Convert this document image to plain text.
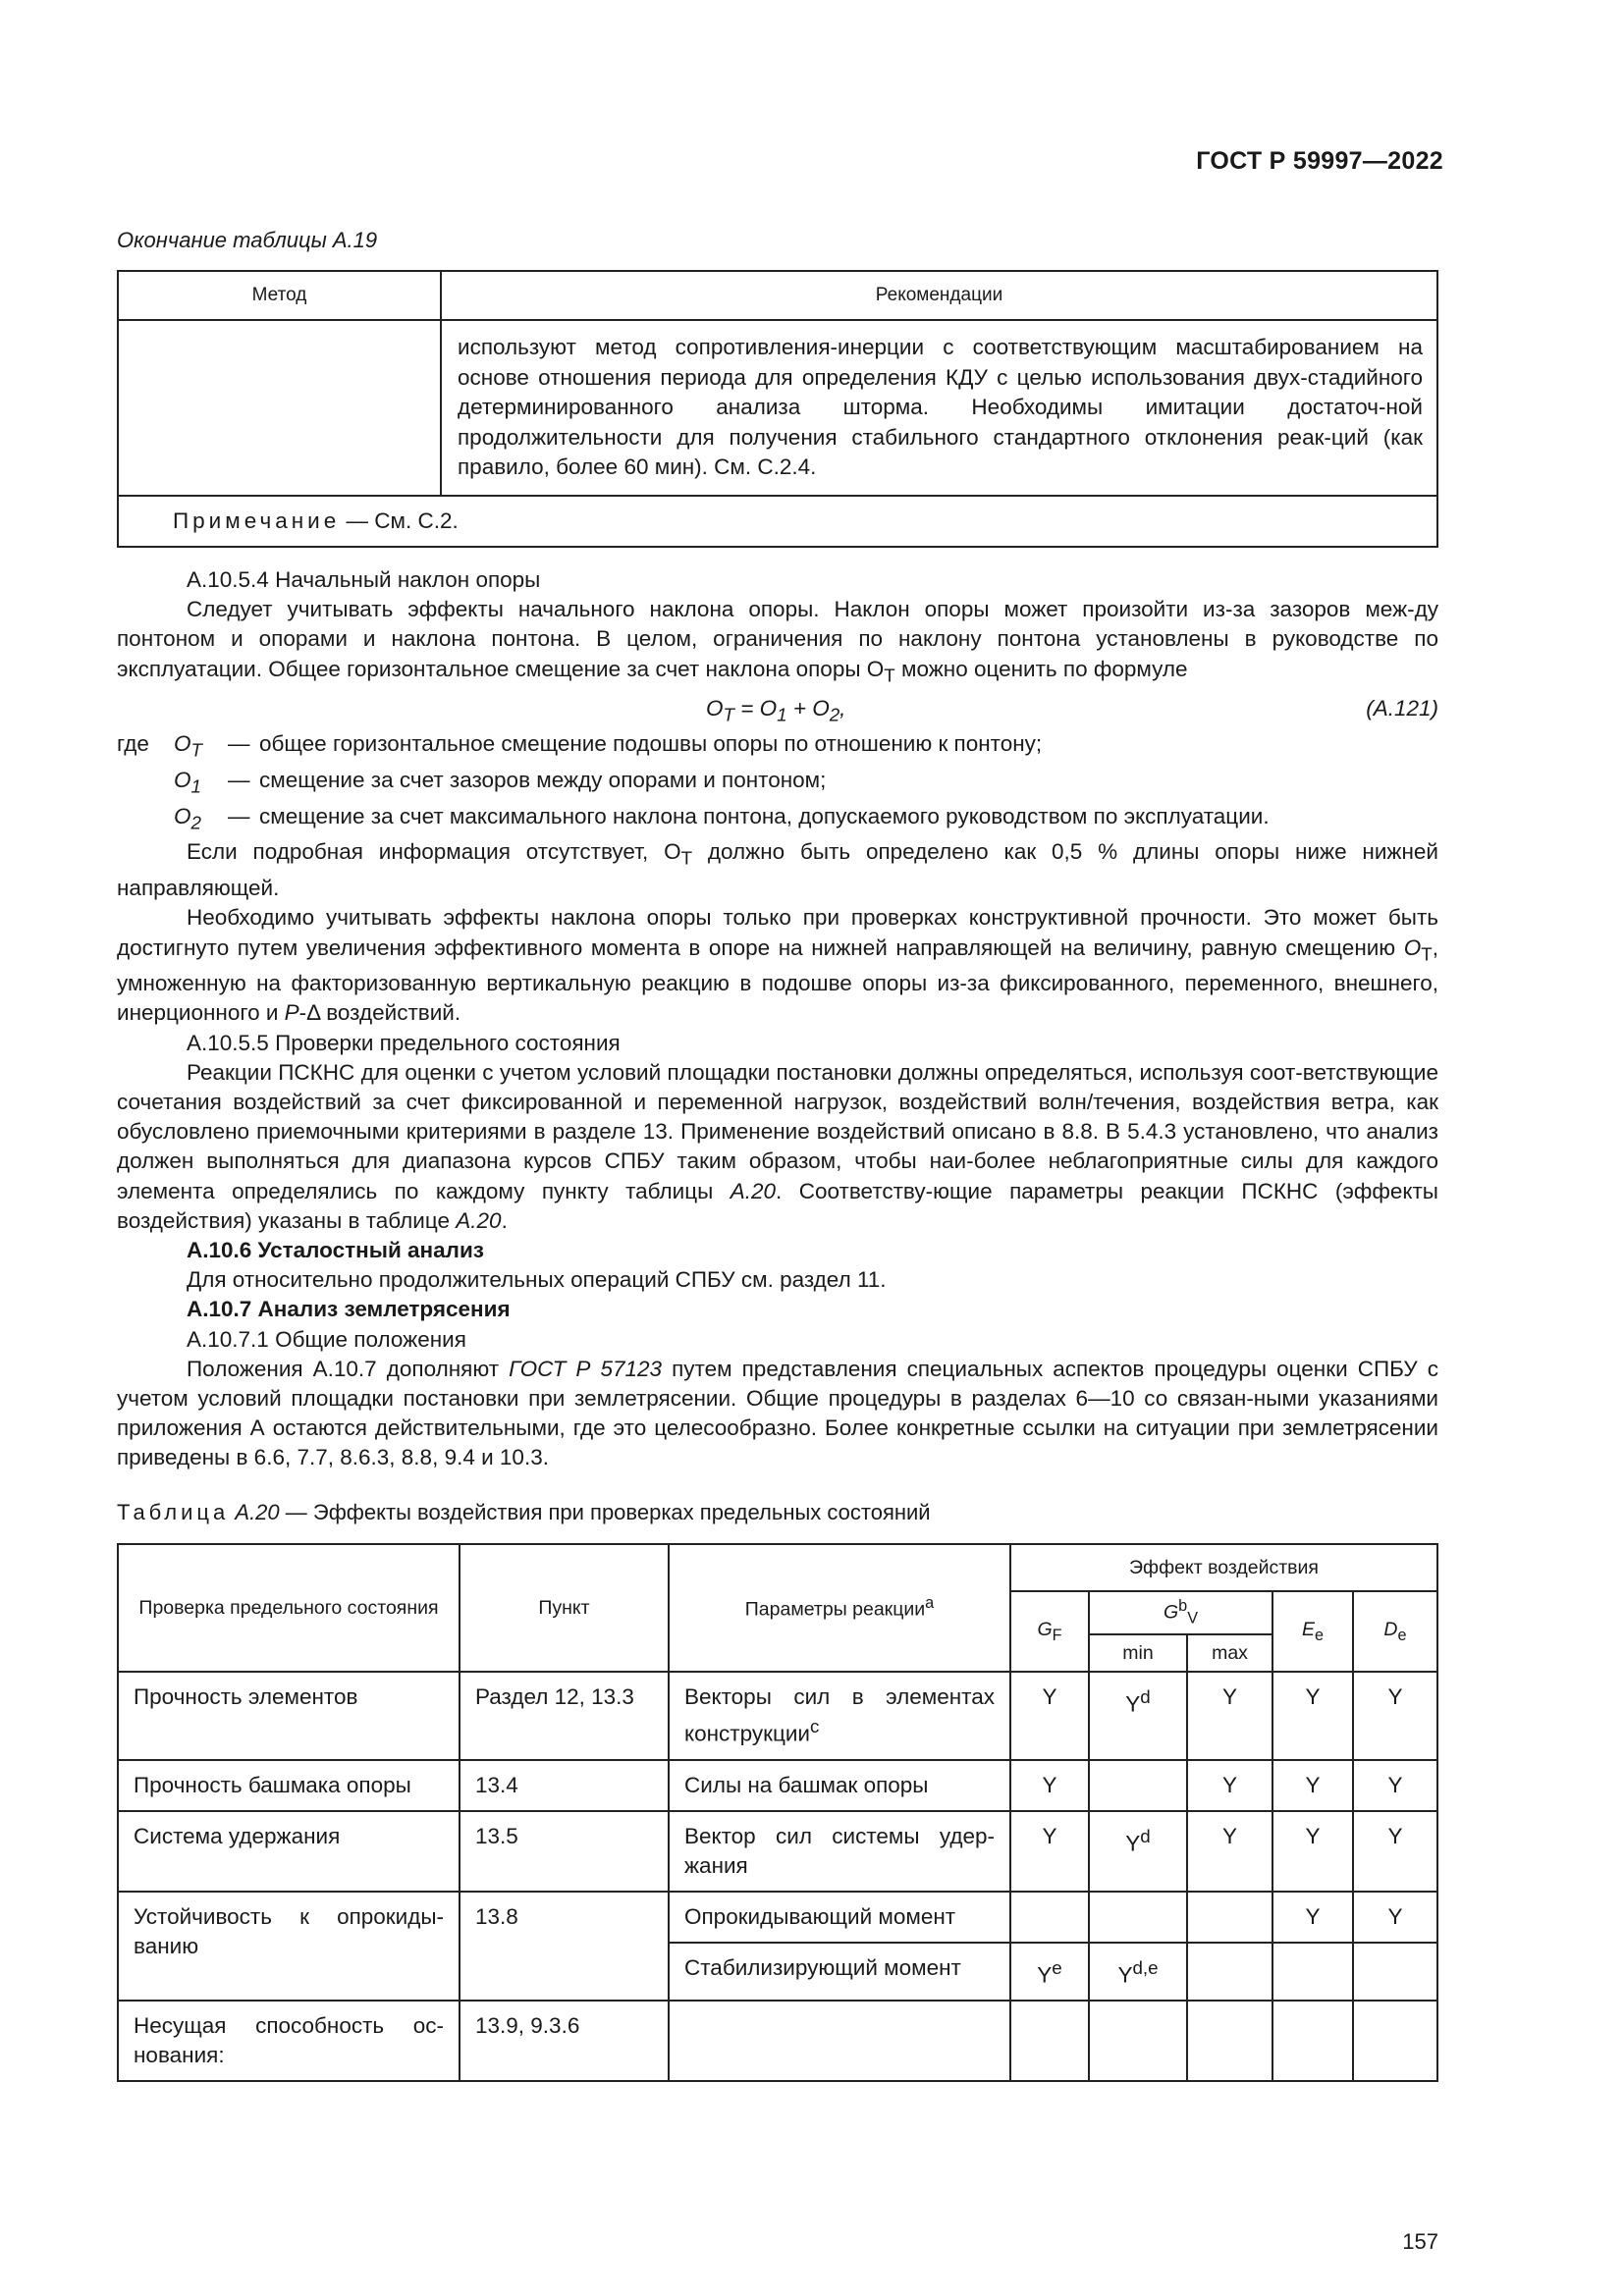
ГОСТ Р 59997—2022
Окончание таблицы А.19
Метод	Рекомендации
	используют метод сопротивления-инерции с соответствующим масштабированием на основе отношения периода для определения КДУ с целью использования двух-стадийного детерминированного анализа шторма. Необходимы имитации достаточ-ной продолжительности для получения стабильного стандартного отклонения реак-ций (как правило, более 60 мин). См. С.2.4.
Примечание — См. С.2.	

А.10.5.4 Начальный наклон опоры

Следует учитывать эффекты начального наклона опоры. Наклон опоры может произойти из-за зазоров меж-ду понтоном и опорами и наклона понтона. В целом, ограничения по наклону понтона установлены в руководстве по эксплуатации. Общее горизонтальное смещение за счет наклона опоры $O_T$ можно оценить по формуле

$O_T = O_1 + O_2$,	(А.121)
где	$O_T$	— общее горизонтальное смещение подошвы опоры по отношению к понтону;
$O_1$	— смещение за счет зазоров между опорами и понтоном;
$O_2$	— смещение за счет максимального наклона понтона, допускаемого руководством по эксплуатации.

Если подробная информация отсутствует, $O_T$ должно быть определено как 0,5 % длины опоры ниже нижней направляющей.

Необходимо учитывать эффекты наклона опоры только при проверках конструктивной прочности. Это может быть достигнуто путем увеличения эффективного момента в опоре на нижней направляющей на величину, равную смещению $O_T$, умноженную на факторизованную вертикальную реакцию в подошве опоры из-за фиксированного, переменного, внешнего, инерционного и P-Δ воздействий.

А.10.5.5 Проверки предельного состояния

Реакции ПСКНС для оценки с учетом условий площадки постановки должны определяться, используя соот-ветствующие сочетания воздействий за счет фиксированной и переменной нагрузок, воздействий волн/течения, воздействия ветра, как обусловлено приемочными критериями в разделе 13. Применение воздействий описано в 8.8. В 5.4.3 установлено, что анализ должен выполняться для диапазона курсов СПБУ таким образом, чтобы наи-более неблагоприятные силы для каждого элемента определялись по каждому пункту таблицы А.20. Соответству-ющие параметры реакции ПСКНС (эффекты воздействия) указаны в таблице А.20.

А.10.6 Усталостный анализ

Для относительно продолжительных операций СПБУ см. раздел 11.

А.10.7 Анализ землетрясения

А.10.7.1 Общие положения

Положения А.10.7 дополняют ГОСТ Р 57123 путем представления специальных аспектов процедуры оценки СПБУ с учетом условий площадки постановки при землетрясении. Общие процедуры в разделах 6—10 со связан-ными указаниями приложения А остаются действительными, где это целесообразно. Более конкретные ссылки на ситуации при землетрясении приведены в 6.6, 7.7, 8.6.3, 8.8, 9.4 и 10.3.

Таблица А.20 — Эффекты воздействия при проверках предельных состояний
Проверка предельного состояния	Пункт	Параметры реакции$^a$	Эффект воздействия				
			$G_F$	$G^b_V$		$E_e$	$D_e$
				min	max		
Прочность элементов	Раздел 12, 13.3	Векторы сил в элементах конструкции$^c$	Y	$Y^d$	Y	Y	Y
Прочность башмака опоры	13.4	Силы на башмак опоры	Y		Y	Y	Y
Система удержания	13.5	Вектор сил системы удер-жания	Y	$Y^d$	Y	Y	Y
Устойчивость к опрокиды-ванию	13.8	Опрокидывающий момент				Y	Y
		Стабилизирующий момент	$Y^e$	Y$^{d,e}$			
Несущая способность ос-нования:	13.9, 9.3.6						
157
